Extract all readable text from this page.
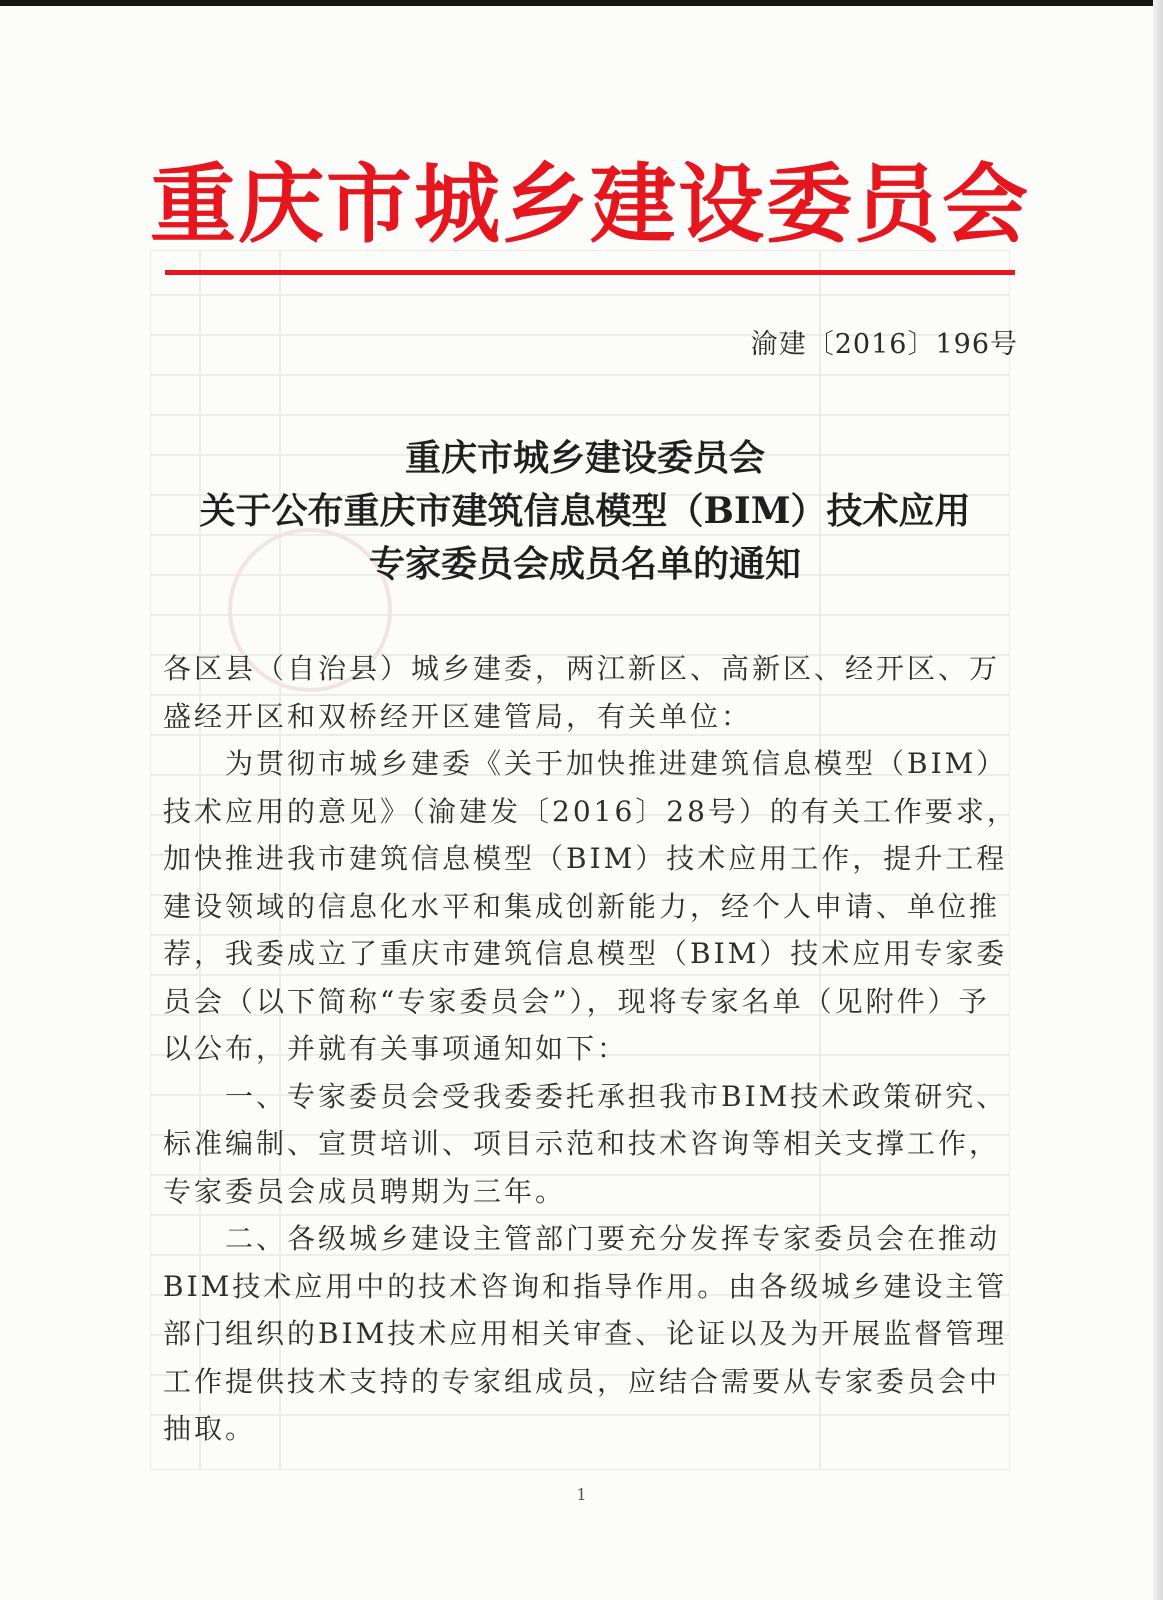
重庆市城乡建设委员会
渝建〔2016〕196号
重庆市城乡建设委员会
关于公布重庆市建筑信息模型（BIM）技术应用
专家委员会成员名单的通知

各区县（自治县）城乡建委，两江新区、高新区、经开区、万盛经开区和双桥经开区建管局，有关单位：

为贯彻市城乡建委《关于加快推进建筑信息模型（BIM）技术应用的意见》（渝建发〔2016〕28号）的有关工作要求，加快推进我市建筑信息模型（BIM）技术应用工作，提升工程建设领域的信息化水平和集成创新能力，经个人申请、单位推荐，我委成立了重庆市建筑信息模型（BIM）技术应用专家委员会（以下简称“专家委员会”），现将专家名单（见附件）予以公布，并就有关事项通知如下：

一、专家委员会受我委委托承担我市BIM技术政策研究、标准编制、宣贯培训、项目示范和技术咨询等相关支撑工作，专家委员会成员聘期为三年。

二、各级城乡建设主管部门要充分发挥专家委员会在推动BIM技术应用中的技术咨询和指导作用。由各级城乡建设主管部门组织的BIM技术应用相关审查、论证以及为开展监督管理工作提供技术支持的专家组成员，应结合需要从专家委员会中抽取。

1
